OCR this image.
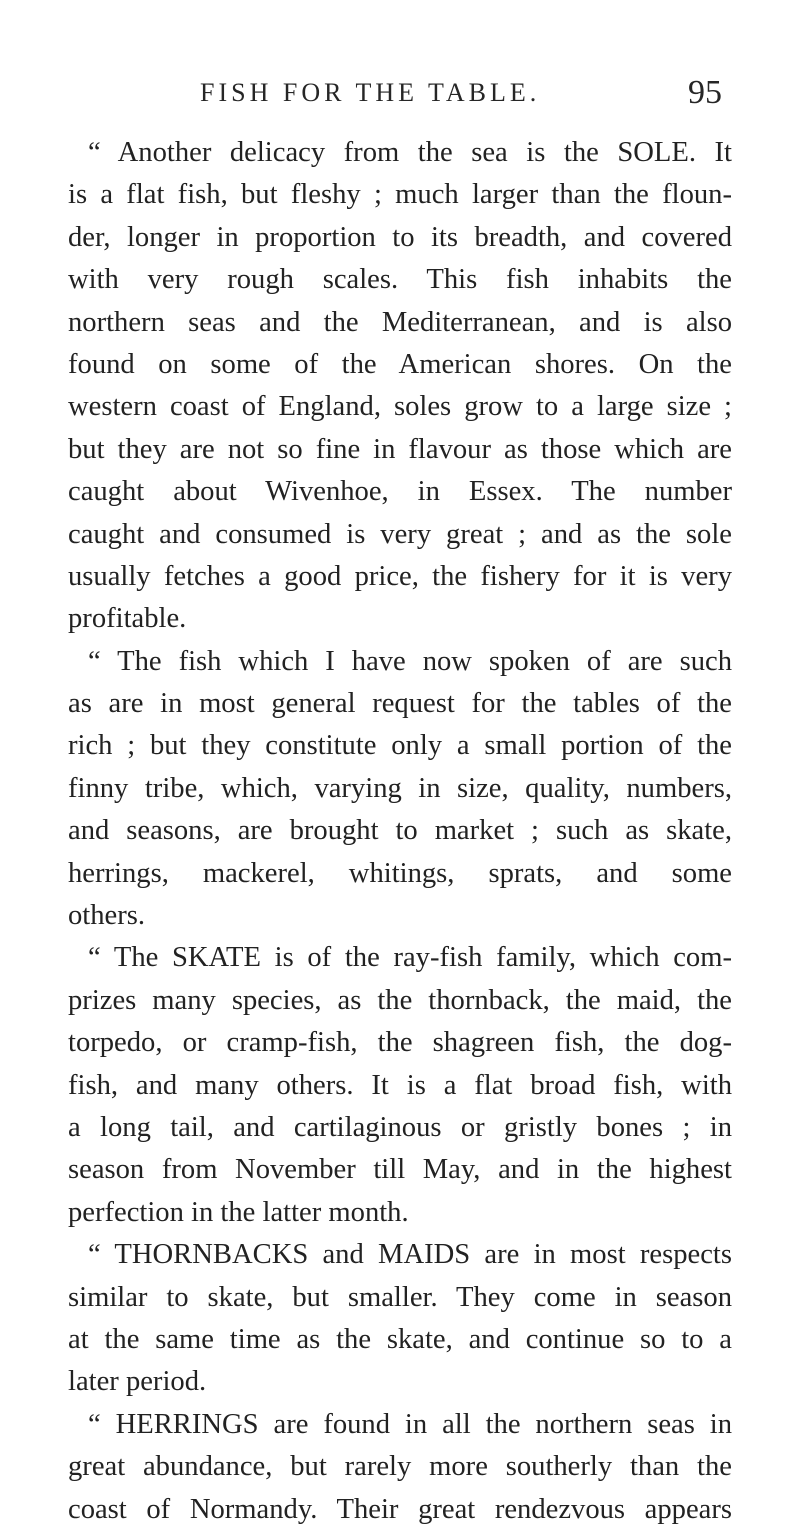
FISH FOR THE TABLE.	95
“ Another delicacy from the sea is the SOLE. It
is a flat fish, but fleshy ; much larger than the floun-
der, longer in proportion to its breadth, and covered
with very rough scales. This fish inhabits the
northern seas and the Mediterranean, and is also
found on some of the American shores. On the
western coast of England, soles grow to a large size ;
but they are not so fine in flavour as those which are
caught about Wivenhoe, in Essex. The number
caught and consumed is very great ; and as the sole
usually fetches a good price, the fishery for it is very
profitable.
“ The fish which I have now spoken of are such
as are in most general request for the tables of the
rich ; but they constitute only a small portion of the
finny tribe, which, varying in size, quality, numbers,
and seasons, are brought to market ; such as skate,
herrings, mackerel, whitings, sprats, and some
others.
“ The SKATE is of the ray-fish family, which com-
prizes many species, as the thornback, the maid, the
torpedo, or cramp-fish, the shagreen fish, the dog-
fish, and many others. It is a flat broad fish, with
a long tail, and cartilaginous or gristly bones ; in
season from November till May, and in the highest
perfection in the latter month.
“ THORNBACKS and MAIDS are in most respects
similar to skate, but smaller. They come in season
at the same time as the skate, and continue so to a
later period.
“ HERRINGS are found in all the northern seas in
great abundance, but rarely more southerly than the
coast of Normandy. Their great rendezvous appears
